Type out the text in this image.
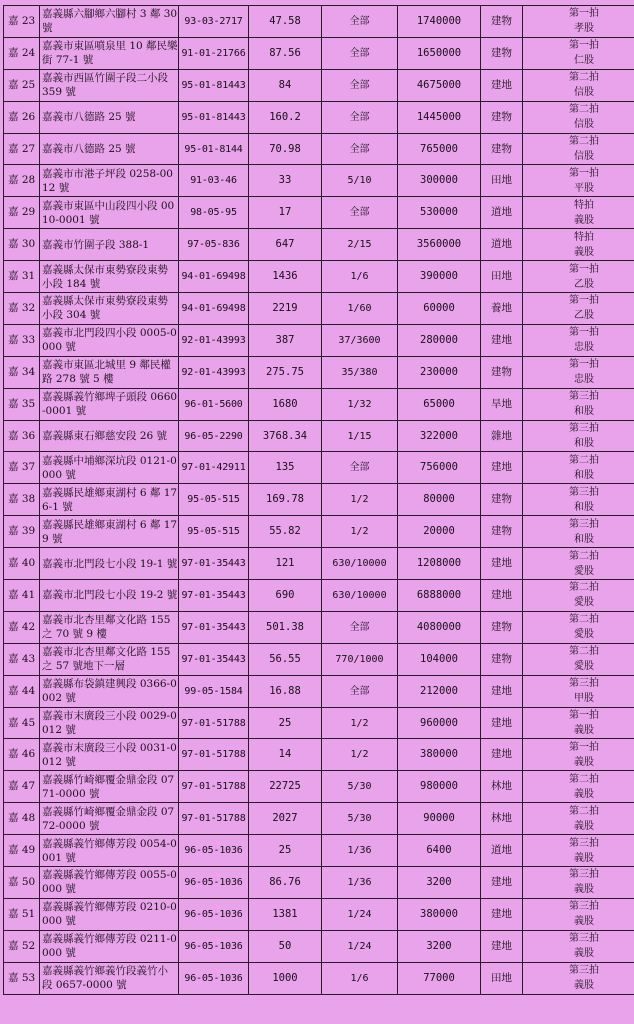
嘉 23	嘉義縣六腳鄉六腳村 3 鄰 30 號	93-03-2717	47.58	全部	1740000	建物	第一拍
孝股

嘉 24	嘉義市東區噴泉里 10 鄰民樂街 77-1 號	91-01-21766	87.56	全部	1650000	建物	第一拍
仁股

嘉 25	嘉義市西區竹圍子段二小段 359 號	95-01-81443	84	全部	4675000	建地	第二拍
信股

嘉 26	嘉義市八德路 25 號	95-01-81443	160.2	全部	1445000	建物	第二拍
信股

嘉 27	嘉義市八德路 25 號	95-01-8144	70.98	全部	765000	建物	第二拍
信股

嘉 28	嘉義市市港子坪段 0258-0012 號	91-03-46	33	5/10	300000	田地	第一拍
平股

嘉 29	嘉義市東區中山段四小段 0010-0001 號	98-05-95	17	全部	530000	道地	特拍
義股

嘉 30	嘉義市竹圍子段 388-1	97-05-836	647	2/15	3560000	道地	特拍
義股

嘉 31	嘉義縣太保市東勢寮段東勢小段 184 號	94-01-69498	1436	1/6	390000	田地	第一拍
乙股

嘉 32	嘉義縣太保市東勢寮段東勢小段 304 號	94-01-69498	2219	1/60	60000	養地	第一拍
乙股

嘉 33	嘉義市北門段四小段 0005-0000 號	92-01-43993	387	37/3600	280000	建地	第一拍
忠股

嘉 34	嘉義市東區北城里 9 鄰民權路 278 號 5 樓	92-01-43993	275.75	35/380	230000	建物	第一拍
忠股

嘉 35	嘉義縣義竹鄉埤子頭段 0660-0001 號	96-01-5600	1680	1/32	65000	旱地	第三拍
和股

嘉 36	嘉義縣東石鄉慈安段 26 號	96-05-2290	3768.34	1/15	322000	雜地	第三拍
和股

嘉 37	嘉義縣中埔鄉深坑段 0121-0000 號	97-01-42911	135	全部	756000	建地	第二拍
和股

嘉 38	嘉義縣民雄鄉東湖村 6 鄰 176-1 號	95-05-515	169.78	1/2	80000	建物	第三拍
和股

嘉 39	嘉義縣民雄鄉東湖村 6 鄰 179 號	95-05-515	55.82	1/2	20000	建物	第三拍
和股

嘉 40	嘉義市北門段七小段 19-1 號	97-01-35443	121	630/10000	1208000	建地	第二拍
愛股

嘉 41	嘉義市北門段七小段 19-2 號	97-01-35443	690	630/10000	6888000	建地	第二拍
愛股

嘉 42	嘉義市北杏里鄰文化路 155 之 70 號 9 樓	97-01-35443	501.38	全部	4080000	建物	第二拍
愛股

嘉 43	嘉義市北杏里鄰文化路 155 之 57 號地下一層	97-01-35443	56.55	770/1000	104000	建物	第二拍
愛股

嘉 44	嘉義縣布袋鎮建興段 0366-0002 號	99-05-1584	16.88	全部	212000	建地	第三拍
甲股

嘉 45	嘉義市末廣段三小段 0029-0012 號	97-01-51788	25	1/2	960000	建地	第一拍
義股

嘉 46	嘉義市末廣段三小段 0031-0012 號	97-01-51788	14	1/2	380000	建地	第一拍
義股

嘉 47	嘉義縣竹崎鄉覆金鼎金段 0771-0000 號	97-01-51788	22725	5/30	980000	林地	第二拍
義股

嘉 48	嘉義縣竹崎鄉覆金鼎金段 0772-0000 號	97-01-51788	2027	5/30	90000	林地	第二拍
義股

嘉 49	嘉義縣義竹鄉傳芳段 0054-0001 號	96-05-1036	25	1/36	6400	道地	第三拍
義股

嘉 50	嘉義縣義竹鄉傳芳段 0055-0000 號	96-05-1036	86.76	1/36	3200	建地	第三拍
義股

嘉 51	嘉義縣義竹鄉傳芳段 0210-0000 號	96-05-1036	1381	1/24	380000	建地	第三拍
義股

嘉 52	嘉義縣義竹鄉傳芳段 0211-0000 號	96-05-1036	50	1/24	3200	建地	第三拍
義股

嘉 53	嘉義縣義竹鄉義竹段義竹小段 0657-0000 號	96-05-1036	1000	1/6	77000	田地	第三拍
義股
